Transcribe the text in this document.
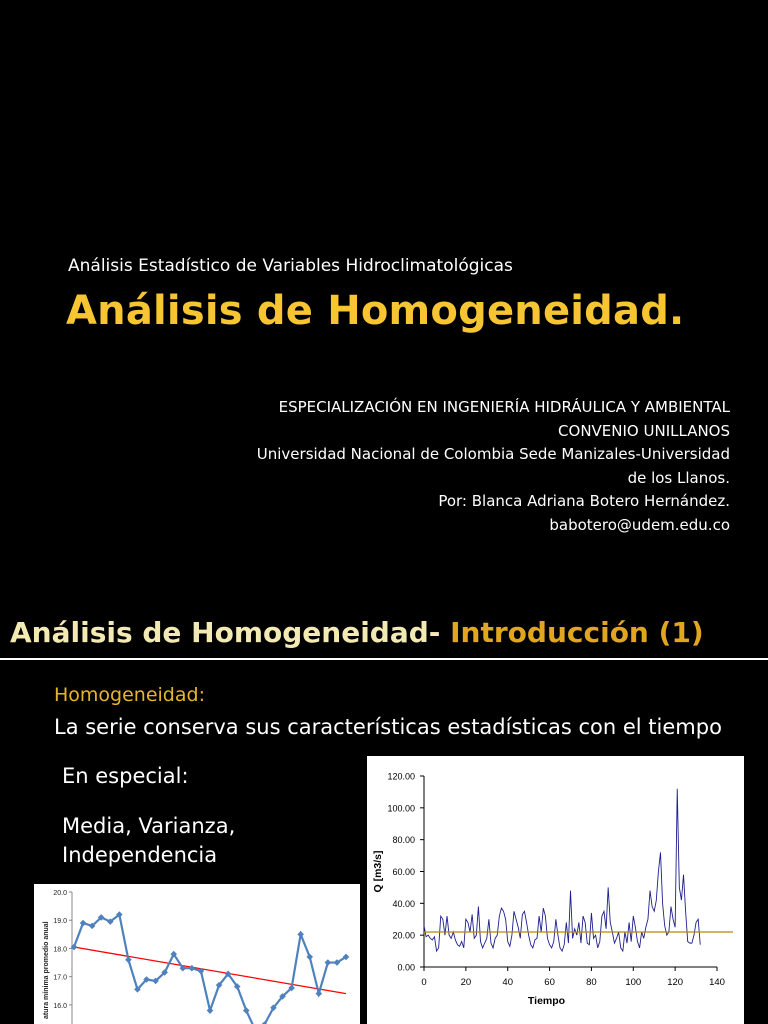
Análisis Estadístico de Variables Hidroclimatológicas
Análisis de Homogeneidad.
ESPECIALIZACIÓN EN INGENIERÍA HIDRÁULICA Y AMBIENTAL
CONVENIO UNILLANOS
Universidad Nacional de Colombia Sede Manizales-Universidad
de los Llanos.
Por: Blanca Adriana Botero Hernández.
babotero@udem.edu.co
Análisis de Homogeneidad- Introducción (1)
Homogeneidad:
La serie conserva sus características estadísticas con el tiempo
En especial:
Media, Varianza,
Independencia
20.0
19.0
18.0
17.0
16.0
atura mínima promedio anual
120.00
100.00
80.00
60.00
40.00
20.00
0.00
0	20	40	60	80	100	120	140
Tiempo
Q [m3/s]
